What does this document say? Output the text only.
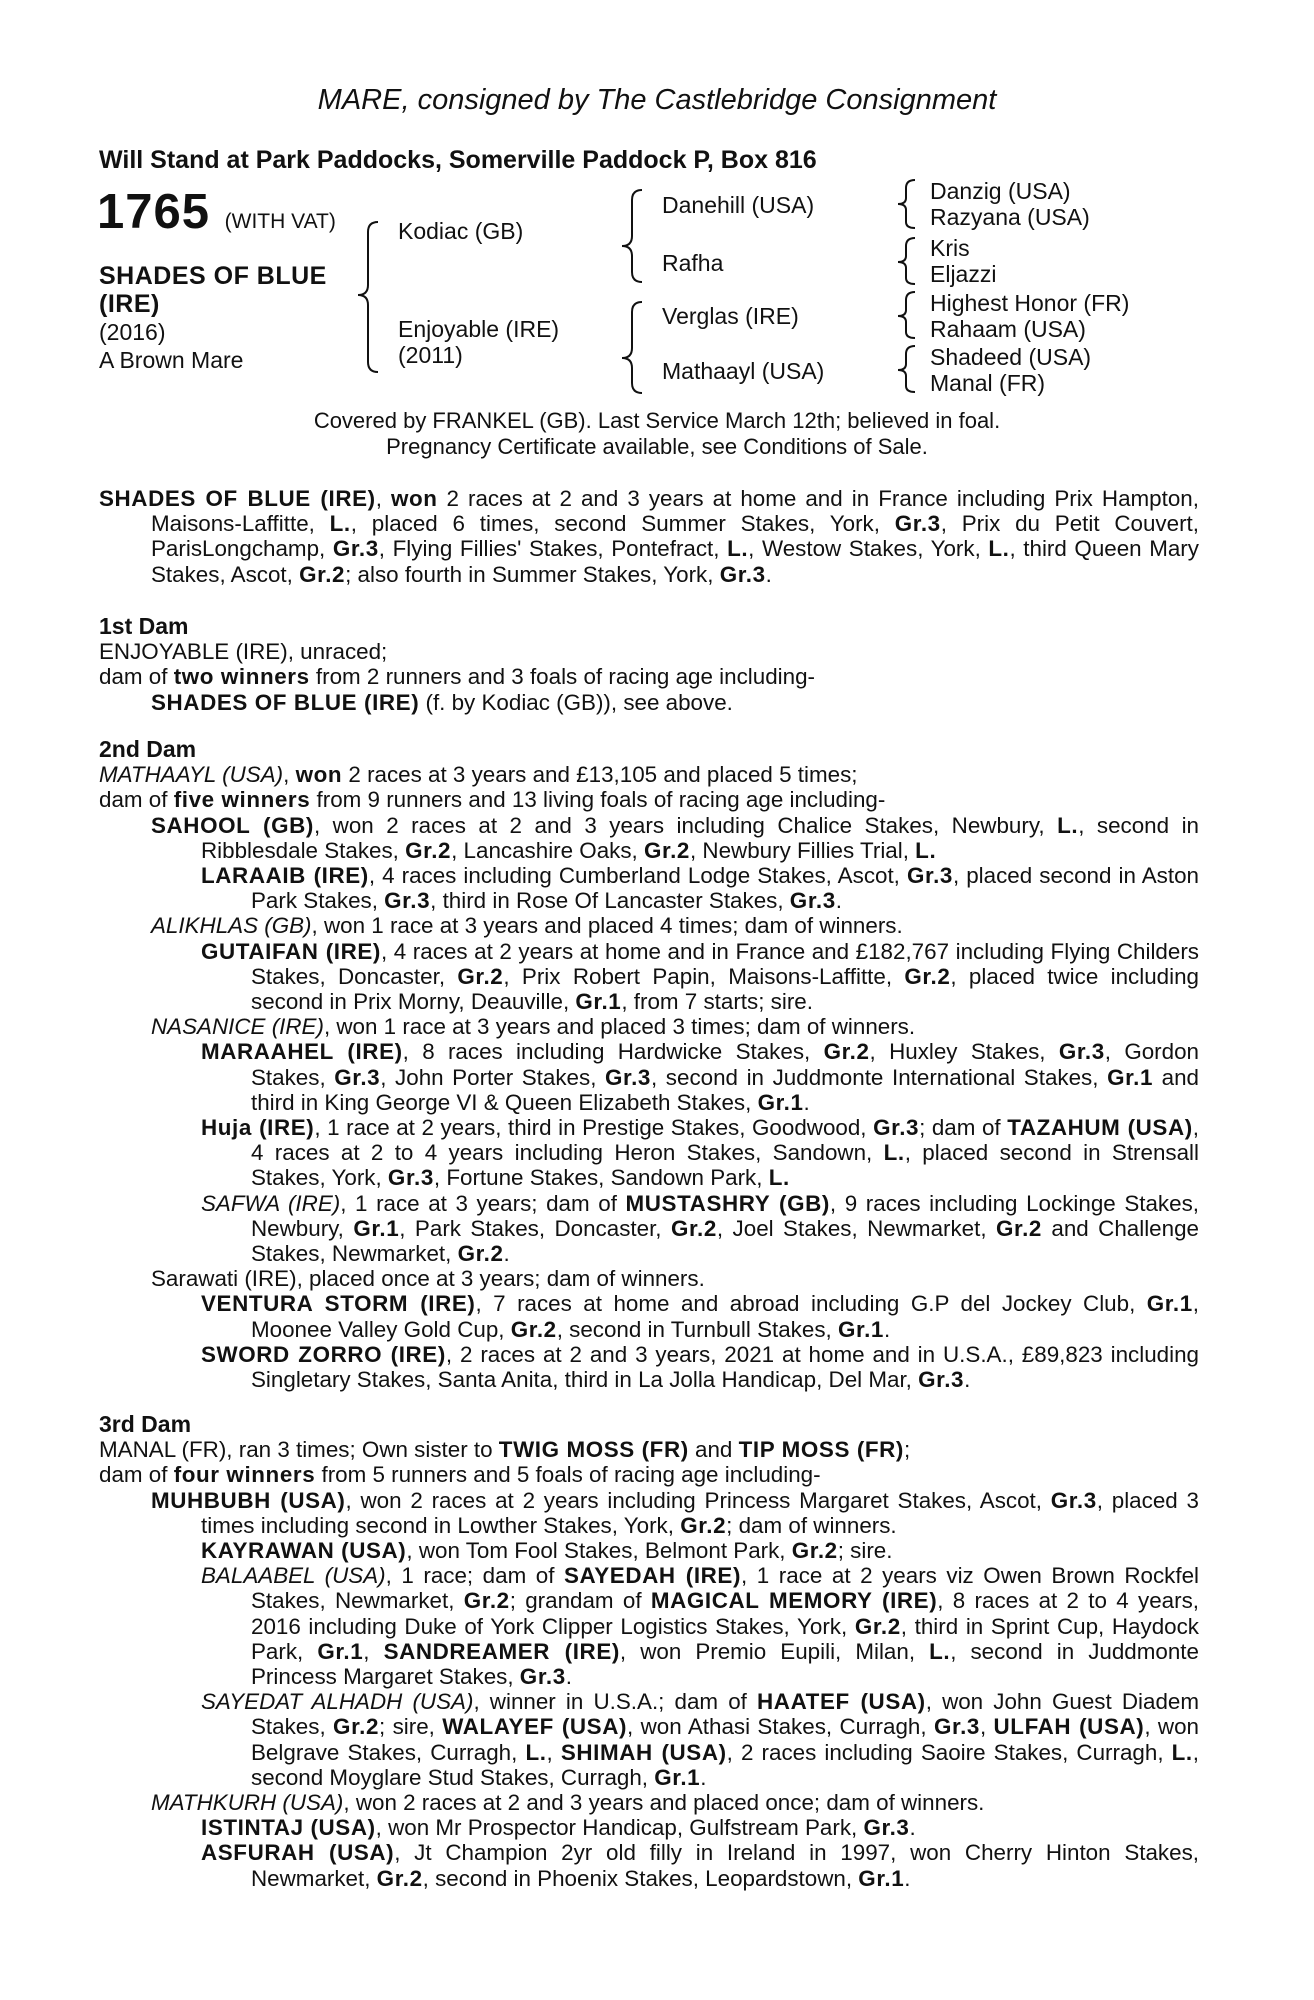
MARE, consigned by The Castlebridge Consignment
Will Stand at Park Paddocks, Somerville Paddock P, Box 816
1765 (WITH VAT)
SHADES OF BLUE
(IRE)
(2016)
A Brown Mare
Kodiac (GB)
Enjoyable (IRE)
(2011)
Danehill (USA)
Rafha
Verglas (IRE)
Mathaayl (USA)
Danzig (USA)
Razyana (USA)
Kris
Eljazzi
Highest Honor (FR)
Rahaam (USA)
Shadeed (USA)
Manal (FR)
Covered by FRANKEL (GB). Last Service March 12th; believed in foal.
Pregnancy Certificate available, see Conditions of Sale.

SHADES OF BLUE (IRE), won 2 races at 2 and 3 years at home and in France including Prix Hampton, Maisons-Laffitte, L., placed 6 times, second Summer Stakes, York, Gr.3, Prix du Petit Couvert, ParisLongchamp, Gr.3, Flying Fillies' Stakes, Pontefract, L., Westow Stakes, York, L., third Queen Mary Stakes, Ascot, Gr.2; also fourth in Summer Stakes, York, Gr.3.

1st Dam

ENJOYABLE (IRE), unraced;

dam of two winners from 2 runners and 3 foals of racing age including-

SHADES OF BLUE (IRE) (f. by Kodiac (GB)), see above.

2nd Dam

MATHAAYL (USA), won 2 races at 3 years and £13,105 and placed 5 times;

dam of five winners from 9 runners and 13 living foals of racing age including-

SAHOOL (GB), won 2 races at 2 and 3 years including Chalice Stakes, Newbury, L., second in Ribblesdale Stakes, Gr.2, Lancashire Oaks, Gr.2, Newbury Fillies Trial, L.

LARAAIB (IRE), 4 races including Cumberland Lodge Stakes, Ascot, Gr.3, placed second in Aston Park Stakes, Gr.3, third in Rose Of Lancaster Stakes, Gr.3.

ALIKHLAS (GB), won 1 race at 3 years and placed 4 times; dam of winners.

GUTAIFAN (IRE), 4 races at 2 years at home and in France and £182,767 including Flying Childers Stakes, Doncaster, Gr.2, Prix Robert Papin, Maisons-Laffitte, Gr.2, placed twice including second in Prix Morny, Deauville, Gr.1, from 7 starts; sire.

NASANICE (IRE), won 1 race at 3 years and placed 3 times; dam of winners.

MARAAHEL (IRE), 8 races including Hardwicke Stakes, Gr.2, Huxley Stakes, Gr.3, Gordon Stakes, Gr.3, John Porter Stakes, Gr.3, second in Juddmonte International Stakes, Gr.1 and third in King George VI & Queen Elizabeth Stakes, Gr.1.

Huja (IRE), 1 race at 2 years, third in Prestige Stakes, Goodwood, Gr.3; dam of TAZAHUM (USA), 4 races at 2 to 4 years including Heron Stakes, Sandown, L., placed second in Strensall Stakes, York, Gr.3, Fortune Stakes, Sandown Park, L.

SAFWA (IRE), 1 race at 3 years; dam of MUSTASHRY (GB), 9 races including Lockinge Stakes, Newbury, Gr.1, Park Stakes, Doncaster, Gr.2, Joel Stakes, Newmarket, Gr.2 and Challenge Stakes, Newmarket, Gr.2.

Sarawati (IRE), placed once at 3 years; dam of winners.

VENTURA STORM (IRE), 7 races at home and abroad including G.P del Jockey Club, Gr.1, Moonee Valley Gold Cup, Gr.2, second in Turnbull Stakes, Gr.1.

SWORD ZORRO (IRE), 2 races at 2 and 3 years, 2021 at home and in U.S.A., £89,823 including Singletary Stakes, Santa Anita, third in La Jolla Handicap, Del Mar, Gr.3.

3rd Dam

MANAL (FR), ran 3 times; Own sister to TWIG MOSS (FR) and TIP MOSS (FR);

dam of four winners from 5 runners and 5 foals of racing age including-

MUHBUBH (USA), won 2 races at 2 years including Princess Margaret Stakes, Ascot, Gr.3, placed 3 times including second in Lowther Stakes, York, Gr.2; dam of winners.

KAYRAWAN (USA), won Tom Fool Stakes, Belmont Park, Gr.2; sire.

BALAABEL (USA), 1 race; dam of SAYEDAH (IRE), 1 race at 2 years viz Owen Brown Rockfel Stakes, Newmarket, Gr.2; grandam of MAGICAL MEMORY (IRE), 8 races at 2 to 4 years, 2016 including Duke of York Clipper Logistics Stakes, York, Gr.2, third in Sprint Cup, Haydock Park, Gr.1, SANDREAMER (IRE), won Premio Eupili, Milan, L., second in Juddmonte Princess Margaret Stakes, Gr.3.

SAYEDAT ALHADH (USA), winner in U.S.A.; dam of HAATEF (USA), won John Guest Diadem Stakes, Gr.2; sire, WALAYEF (USA), won Athasi Stakes, Curragh, Gr.3, ULFAH (USA), won Belgrave Stakes, Curragh, L., SHIMAH (USA), 2 races including Saoire Stakes, Curragh, L., second Moyglare Stud Stakes, Curragh, Gr.1.

MATHKURH (USA), won 2 races at 2 and 3 years and placed once; dam of winners.

ISTINTAJ (USA), won Mr Prospector Handicap, Gulfstream Park, Gr.3.

ASFURAH (USA), Jt Champion 2yr old filly in Ireland in 1997, won Cherry Hinton Stakes, Newmarket, Gr.2, second in Phoenix Stakes, Leopardstown, Gr.1.
